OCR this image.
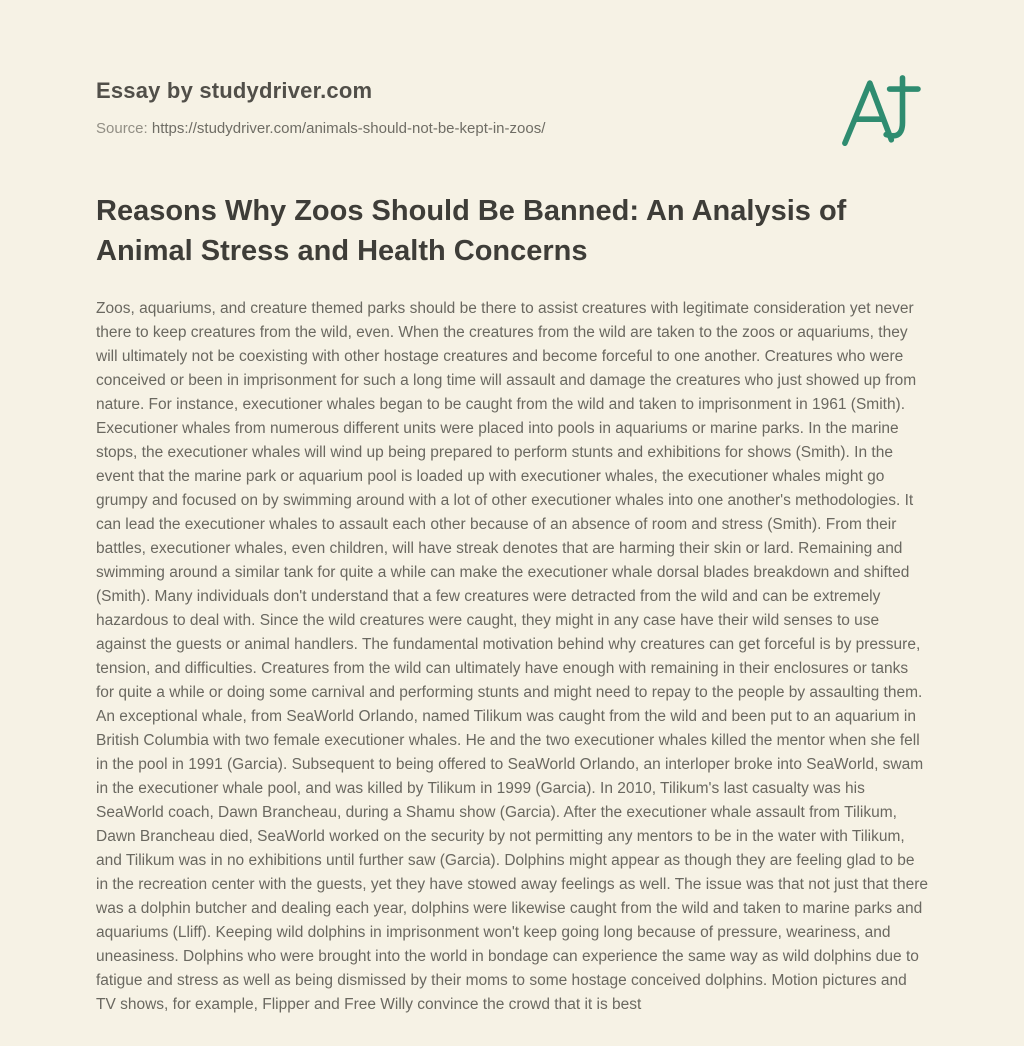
Essay by studydriver.com

Source: https://studydriver.com/animals-should-not-be-kept-in-zoos/

Reasons Why Zoos Should Be Banned: An Analysis of Animal Stress and Health Concerns

Zoos, aquariums, and creature themed parks should be there to assist creatures with legitimate consideration yet never there to keep creatures from the wild, even. When the creatures from the wild are taken to the zoos or aquariums, they will ultimately not be coexisting with other hostage creatures and become forceful to one another. Creatures who were conceived or been in imprisonment for such a long time will assault and damage the creatures who just showed up from nature. For instance, executioner whales began to be caught from the wild and taken to imprisonment in 1961 (Smith). Executioner whales from numerous different units were placed into pools in aquariums or marine parks. In the marine stops, the executioner whales will wind up being prepared to perform stunts and exhibitions for shows (Smith). In the event that the marine park or aquarium pool is loaded up with executioner whales, the executioner whales might go grumpy and focused on by swimming around with a lot of other executioner whales into one another's methodologies. It can lead the executioner whales to assault each other because of an absence of room and stress (Smith). From their battles, executioner whales, even children, will have streak denotes that are harming their skin or lard. Remaining and swimming around a similar tank for quite a while can make the executioner whale dorsal blades breakdown and shifted (Smith). Many individuals don't understand that a few creatures were detracted from the wild and can be extremely hazardous to deal with. Since the wild creatures were caught, they might in any case have their wild senses to use against the guests or animal handlers. The fundamental motivation behind why creatures can get forceful is by pressure, tension, and difficulties. Creatures from the wild can ultimately have enough with remaining in their enclosures or tanks for quite a while or doing some carnival and performing stunts and might need to repay to the people by assaulting them. An exceptional whale, from SeaWorld Orlando, named Tilikum was caught from the wild and been put to an aquarium in British Columbia with two female executioner whales. He and the two executioner whales killed the mentor when she fell in the pool in 1991 (Garcia). Subsequent to being offered to SeaWorld Orlando, an interloper broke into SeaWorld, swam in the executioner whale pool, and was killed by Tilikum in 1999 (Garcia). In 2010, Tilikum's last casualty was his SeaWorld coach, Dawn Brancheau, during a Shamu show (Garcia). After the executioner whale assault from Tilikum, Dawn Brancheau died, SeaWorld worked on the security by not permitting any mentors to be in the water with Tilikum, and Tilikum was in no exhibitions until further saw (Garcia). Dolphins might appear as though they are feeling glad to be in the recreation center with the guests, yet they have stowed away feelings as well. The issue was that not just that there was a dolphin butcher and dealing each year, dolphins were likewise caught from the wild and taken to marine parks and aquariums (Lliff). Keeping wild dolphins in imprisonment won't keep going long because of pressure, weariness, and uneasiness. Dolphins who were brought into the world in bondage can experience the same way as wild dolphins due to fatigue and stress as well as being dismissed by their moms to some hostage conceived dolphins. Motion pictures and TV shows, for example, Flipper and Free Willy convince the crowd that it is best
